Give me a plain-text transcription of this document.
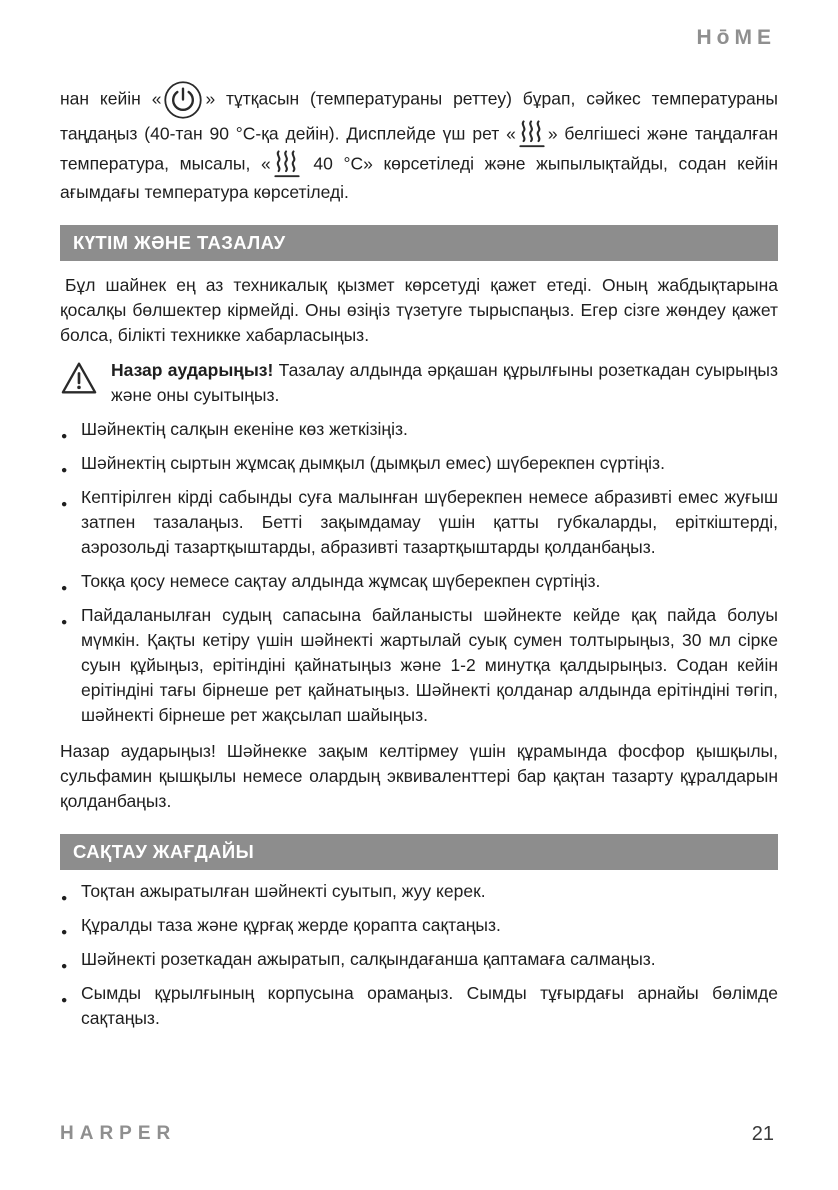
HōME

нан кейін «	» тұтқасын (температураны реттеу) бұрап, сәйкес температураны таңдаңыз (40-тан 90 °C-қа дейін). Дисплейде үш рет « » белгішесі және таңдалған температура, мысалы, « 40 °C» көрсетіледі және жыпылықтайды, содан кейін ағымдағы температура көрсетіледі.

КҮТІМ ЖӘНЕ ТАЗАЛАУ

Бұл шайнек ең аз техникалық қызмет көрсетуді қажет етеді. Оның жабдықтарына қосалқы бөлшектер кірмейді. Оны өзіңіз түзетуге тырыспаңыз. Егер сізге жөндеу қажет болса, білікті техникке хабарласыңыз.

Назар аударыңыз! Тазалау алдында әрқашан құрылғыны розеткадан суырыңыз және оны суытыңыз.

● Шәйнектің салқын екеніне көз жеткізіңіз.
● Шәйнектің сыртын жұмсақ дымқыл (дымқыл емес) шүберекпен сүртіңіз.
● Кептірілген кірді сабынды суға малынған шүберекпен немесе абразивті емес жуғыш затпен тазалаңыз. Бетті зақымдамау үшін қатты губкаларды, еріткіштерді, аэрозольді тазартқыштарды, абразивті тазартқыштарды қолданбаңыз.
● Токқа қосу немесе сақтау алдында жұмсақ шүберекпен сүртіңіз.
● Пайдаланылған судың сапасына байланысты шәйнекте кейде қақ пайда болуы мүмкін. Қақты кетіру үшін шәйнекті жартылай суық сумен толтырыңыз, 30 мл сірке суын құйыңыз, ерітіндіні қайнатыңыз және 1-2 минутқа қалдырыңыз. Содан кейін ерітіндіні тағы бірнеше рет қайнатыңыз. Шәйнекті қолданар алдында ерітіндіні төгіп, шәйнекті бірнеше рет жақсылап шайыңыз.

Назар аударыңыз! Шәйнекке зақым келтірмеу үшін құрамында фосфор қышқылы, сульфамин қышқылы немесе олардың эквиваленттері бар қақтан тазарту құралдарын қолданбаңыз.

САҚТАУ ЖАҒДАЙЫ
● Тоқтан ажыратылған шәйнекті суытып, жуу керек.
● Құралды таза және құрғақ жерде қорапта сақтаңыз.
● Шәйнекті розеткадан ажыратып, салқындағанша қаптамаға салмаңыз.
● Сымды құрылғының корпусына орамаңыз. Сымды тұғырдағы арнайы бөлімде сақтаңыз.
HARPER	21
